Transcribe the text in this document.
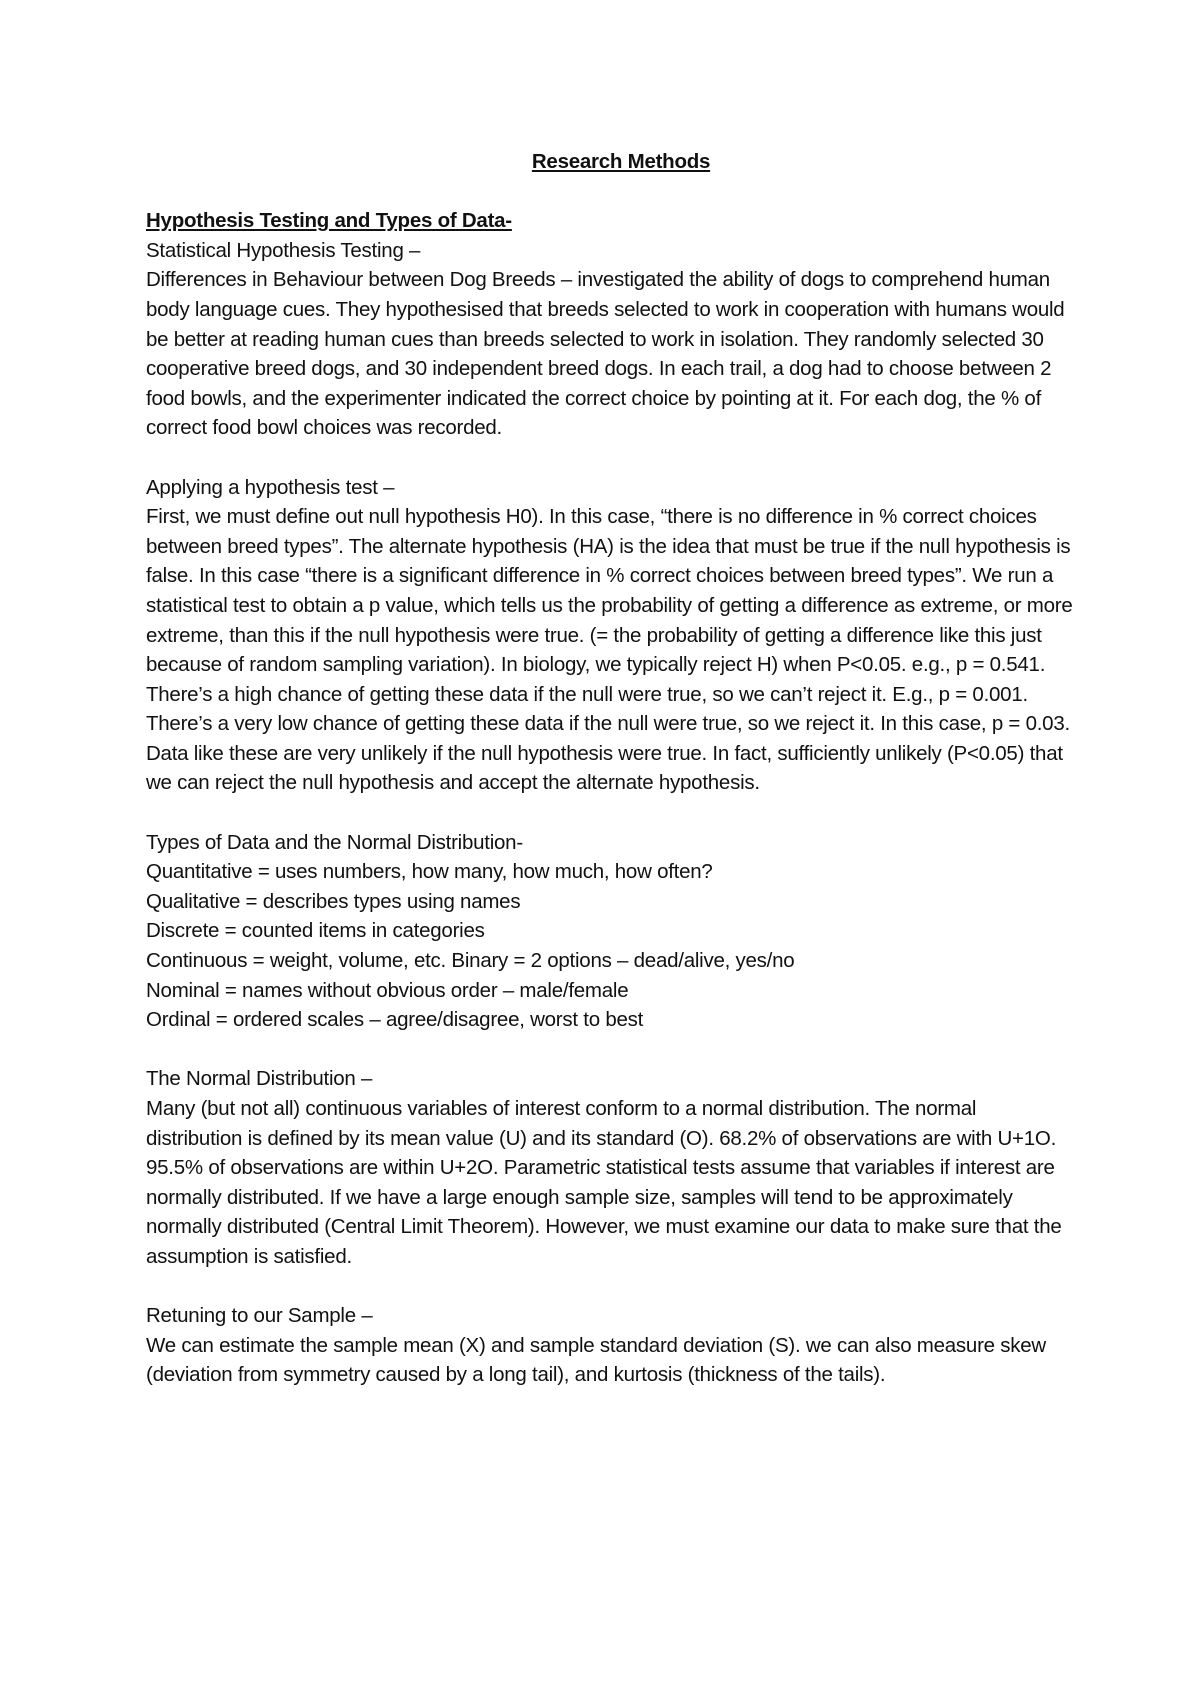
Research Methods
Hypothesis Testing and Types of Data-
Statistical Hypothesis Testing –
Differences in Behaviour between Dog Breeds – investigated the ability of dogs to comprehend human body language cues. They hypothesised that breeds selected to work in cooperation with humans would be better at reading human cues than breeds selected to work in isolation. They randomly selected 30 cooperative breed dogs, and 30 independent breed dogs. In each trail, a dog had to choose between 2 food bowls, and the experimenter indicated the correct choice by pointing at it. For each dog, the % of correct food bowl choices was recorded.
Applying a hypothesis test –
First, we must define out null hypothesis H0). In this case, “there is no difference in % correct choices between breed types”. The alternate hypothesis (HA) is the idea that must be true if the null hypothesis is false. In this case “there is a significant difference in % correct choices between breed types”. We run a statistical test to obtain a p value, which tells us the probability of getting a difference as extreme, or more extreme, than this if the null hypothesis were true. (= the probability of getting a difference like this just because of random sampling variation). In biology, we typically reject H) when P<0.05. e.g., p = 0.541. There’s a high chance of getting these data if the null were true, so we can’t reject it. E.g., p = 0.001. There’s a very low chance of getting these data if the null were true, so we reject it. In this case, p = 0.03. Data like these are very unlikely if the null hypothesis were true. In fact, sufficiently unlikely (P<0.05) that we can reject the null hypothesis and accept the alternate hypothesis.
Types of Data and the Normal Distribution-
Quantitative = uses numbers, how many, how much, how often?
Qualitative = describes types using names
Discrete = counted items in categories
Continuous = weight, volume, etc. Binary = 2 options – dead/alive, yes/no
Nominal = names without obvious order – male/female
Ordinal = ordered scales – agree/disagree, worst to best
The Normal Distribution –
Many (but not all) continuous variables of interest conform to a normal distribution. The normal distribution is defined by its mean value (U) and its standard (O). 68.2% of observations are with U+1O. 95.5% of observations are within U+2O. Parametric statistical tests assume that variables if interest are normally distributed. If we have a large enough sample size, samples will tend to be approximately normally distributed (Central Limit Theorem). However, we must examine our data to make sure that the assumption is satisfied.
Retuning to our Sample –
We can estimate the sample mean (X) and sample standard deviation (S). we can also measure skew (deviation from symmetry caused by a long tail), and kurtosis (thickness of the tails).
